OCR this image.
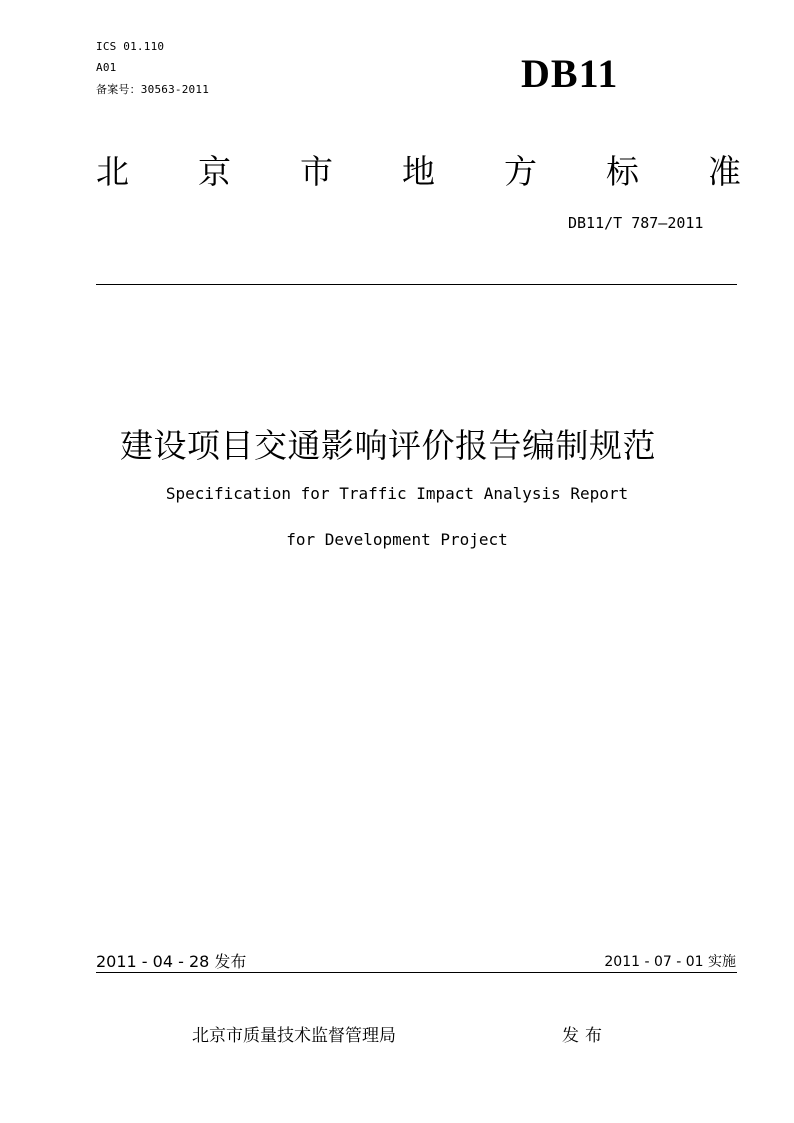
ICS 01.110
A01
备案号：30563-2011	DB11
北 京 市 地 方 标 准
DB11/T 787—2011
建设项目交通影响评价报告编制规范
Specification for Traffic Impact Analysis Report
for Development Project
2011 - 04 - 28 发布	2011 - 07 - 01 实施
北京市质量技术监督管理局	发布
